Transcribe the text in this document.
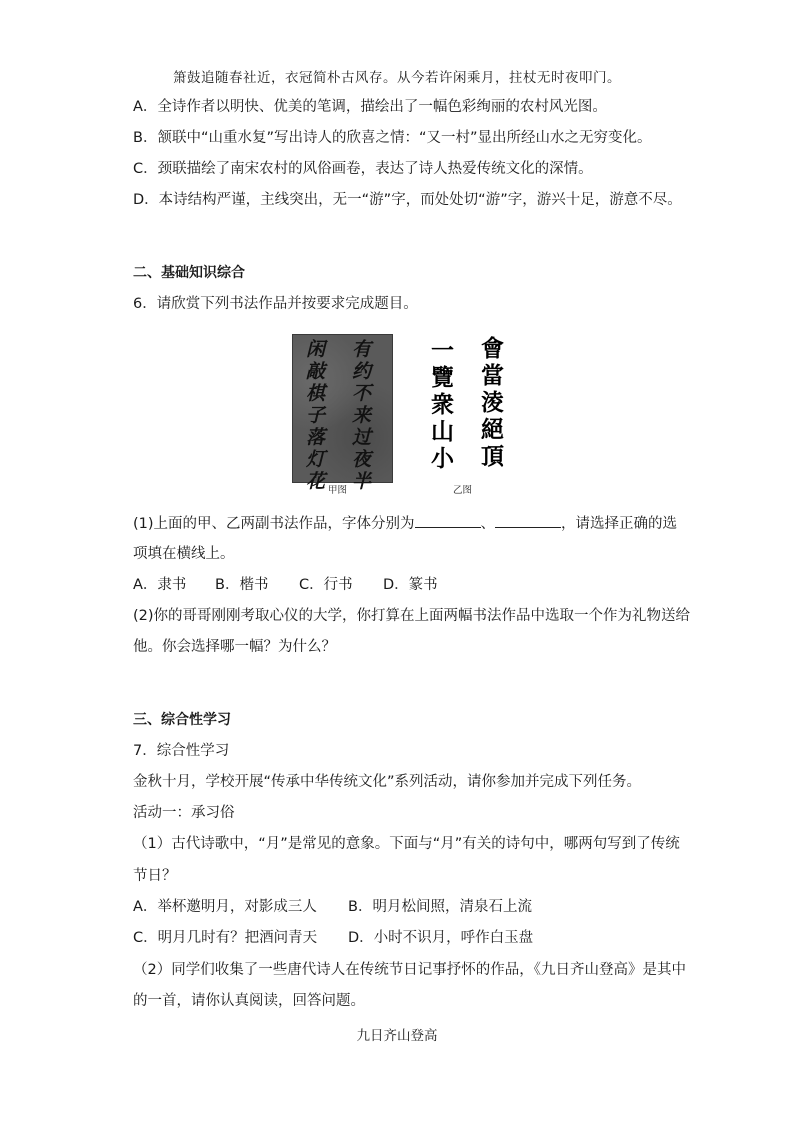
箫鼓追随春社近，衣冠简朴古风存。从今若许闲乘月，拄杖无时夜叩门。
A．全诗作者以明快、优美的笔调，描绘出了一幅色彩绚丽的农村风光图。
B．颔联中“山重水复”写出诗人的欣喜之情：“又一村”显出所经山水之无穷变化。
C．颈联描绘了南宋农村的风俗画卷，表达了诗人热爱传统文化的深情。
D．本诗结构严谨，主线突出，无一“游”字，而处处切“游”字，游兴十足，游意不尽。
二、基础知识综合
6．请欣赏下列书法作品并按要求完成题目。
有约不来过夜半
闲敲棋子落灯花 甲图
會當淩絕頂
一覽衆山小
乙图
(1)上面的甲、乙两副书法作品，字体分别为	、	，请选择正确的选
项填在横线上。
A．隶书 B．楷书 C．行书 D．篆书
(2)你的哥哥刚刚考取心仪的大学，你打算在上面两幅书法作品中选取一个作为礼物送给
他。你会选择哪一幅？为什么？
三、综合性学习
7．综合性学习
金秋十月，学校开展“传承中华传统文化”系列活动，请你参加并完成下列任务。
活动一：承习俗
（1）古代诗歌中，“月”是常见的意象。下面与“月”有关的诗句中，哪两句写到了传统
节日？
A．举杯邀明月，对影成三人 B．明月松间照，清泉石上流
C．明月几时有？把酒问青天 D．小时不识月，呼作白玉盘
（2）同学们收集了一些唐代诗人在传统节日记事抒怀的作品，《九日齐山登高》是其中
的一首，请你认真阅读，回答问题。
九日齐山登高
